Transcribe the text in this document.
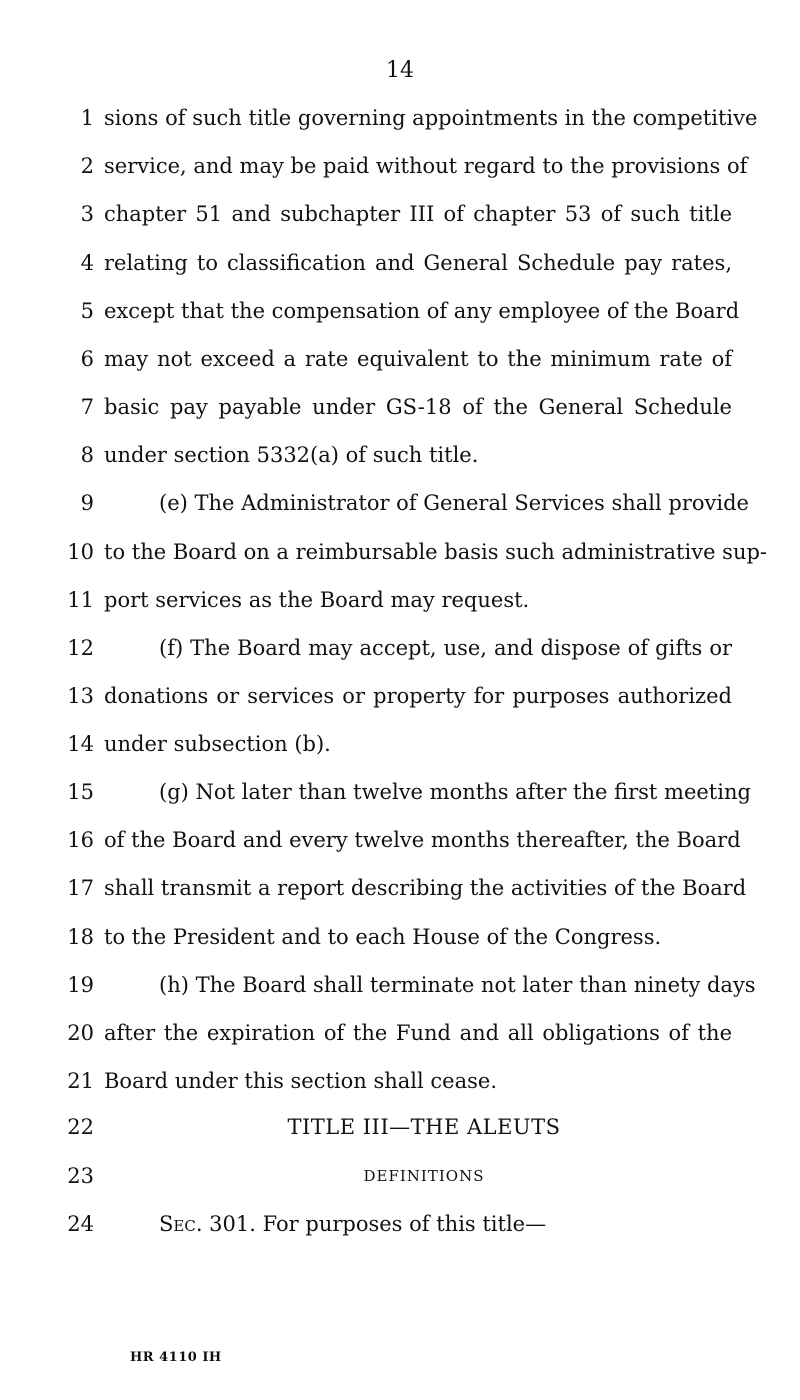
14
1 sions of such title governing appointments in the competitive
2 service, and may be paid without regard to the provisions of
3 chapter 51 and subchapter III of chapter 53 of such title
4 relating to classification and General Schedule pay rates,
5 except that the compensation of any employee of the Board
6 may not exceed a rate equivalent to the minimum rate of
7 basic pay payable under GS-18 of the General Schedule
8 under section 5332(a) of such title.
9	(e) The Administrator of General Services shall provide
10 to the Board on a reimbursable basis such administrative sup-
11 port services as the Board may request.
12	(f) The Board may accept, use, and dispose of gifts or
13 donations or services or property for purposes authorized
14 under subsection (b).
15	(g) Not later than twelve months after the first meeting
16 of the Board and every twelve months thereafter, the Board
17 shall transmit a report describing the activities of the Board
18 to the President and to each House of the Congress.
19	(h) The Board shall terminate not later than ninety days
20 after the expiration of the Fund and all obligations of the
21 Board under this section shall cease.
22	TITLE III—THE ALEUTS
23	DEFINITIONS
24	Sec. 301. For purposes of this title—
HR 4110 IH
